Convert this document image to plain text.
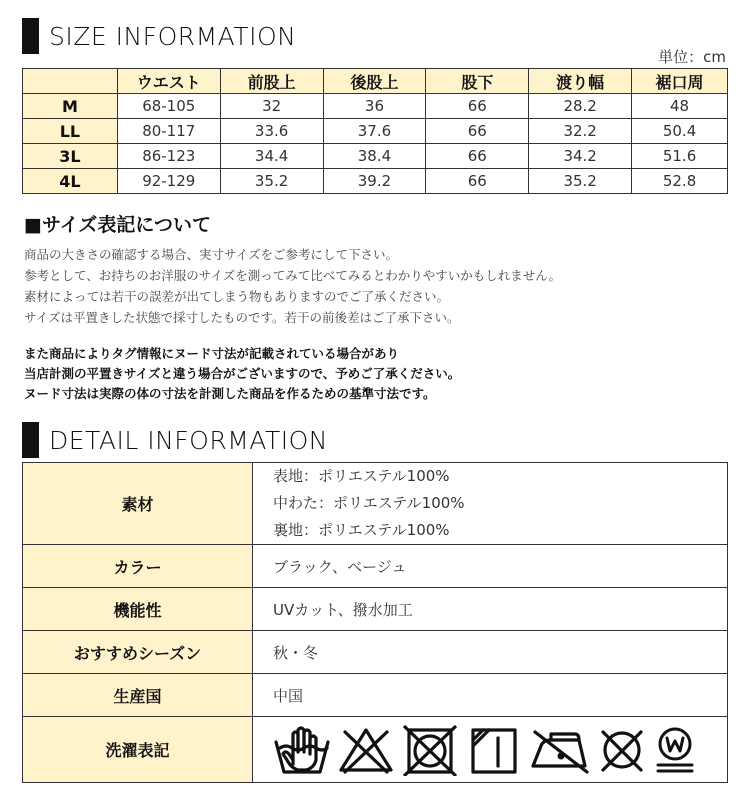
SIZE INFORMATION
単位：cm
	ウエスト	前股上	後股上	股下	渡り幅	裾口周
M	68-105	32	36	66	28.2	48
LL	80-117	33.6	37.6	66	32.2	50.4
3L	86-123	34.4	38.4	66	34.2	51.6
4L	92-129	35.2	39.2	66	35.2	52.8
■サイズ表記について
商品の大きさの確認する場合、実寸サイズをご参考にして下さい。
参考として、お持ちのお洋服のサイズを測ってみて比べてみるとわかりやすいかもしれません。
素材によっては若干の誤差が出てしまう物もありますのでご了承ください。
サイズは平置きした状態で採寸したものです。若干の前後差はご了承下さい。
また商品によりタグ情報にヌード寸法が記載されている場合があり
当店計測の平置きサイズと違う場合がございますので、予めご了承ください。
ヌード寸法は実際の体の寸法を計測した商品を作るための基準寸法です。
DETAIL INFORMATION
素材	表地：ポリエステル100%
中わた：ポリエステル100%
裏地：ポリエステル100%

カラー	ブラック、ベージュ
機能性	UVカット、撥水加工
おすすめシーズン	秋・冬
生産国	中国
洗濯表記	
